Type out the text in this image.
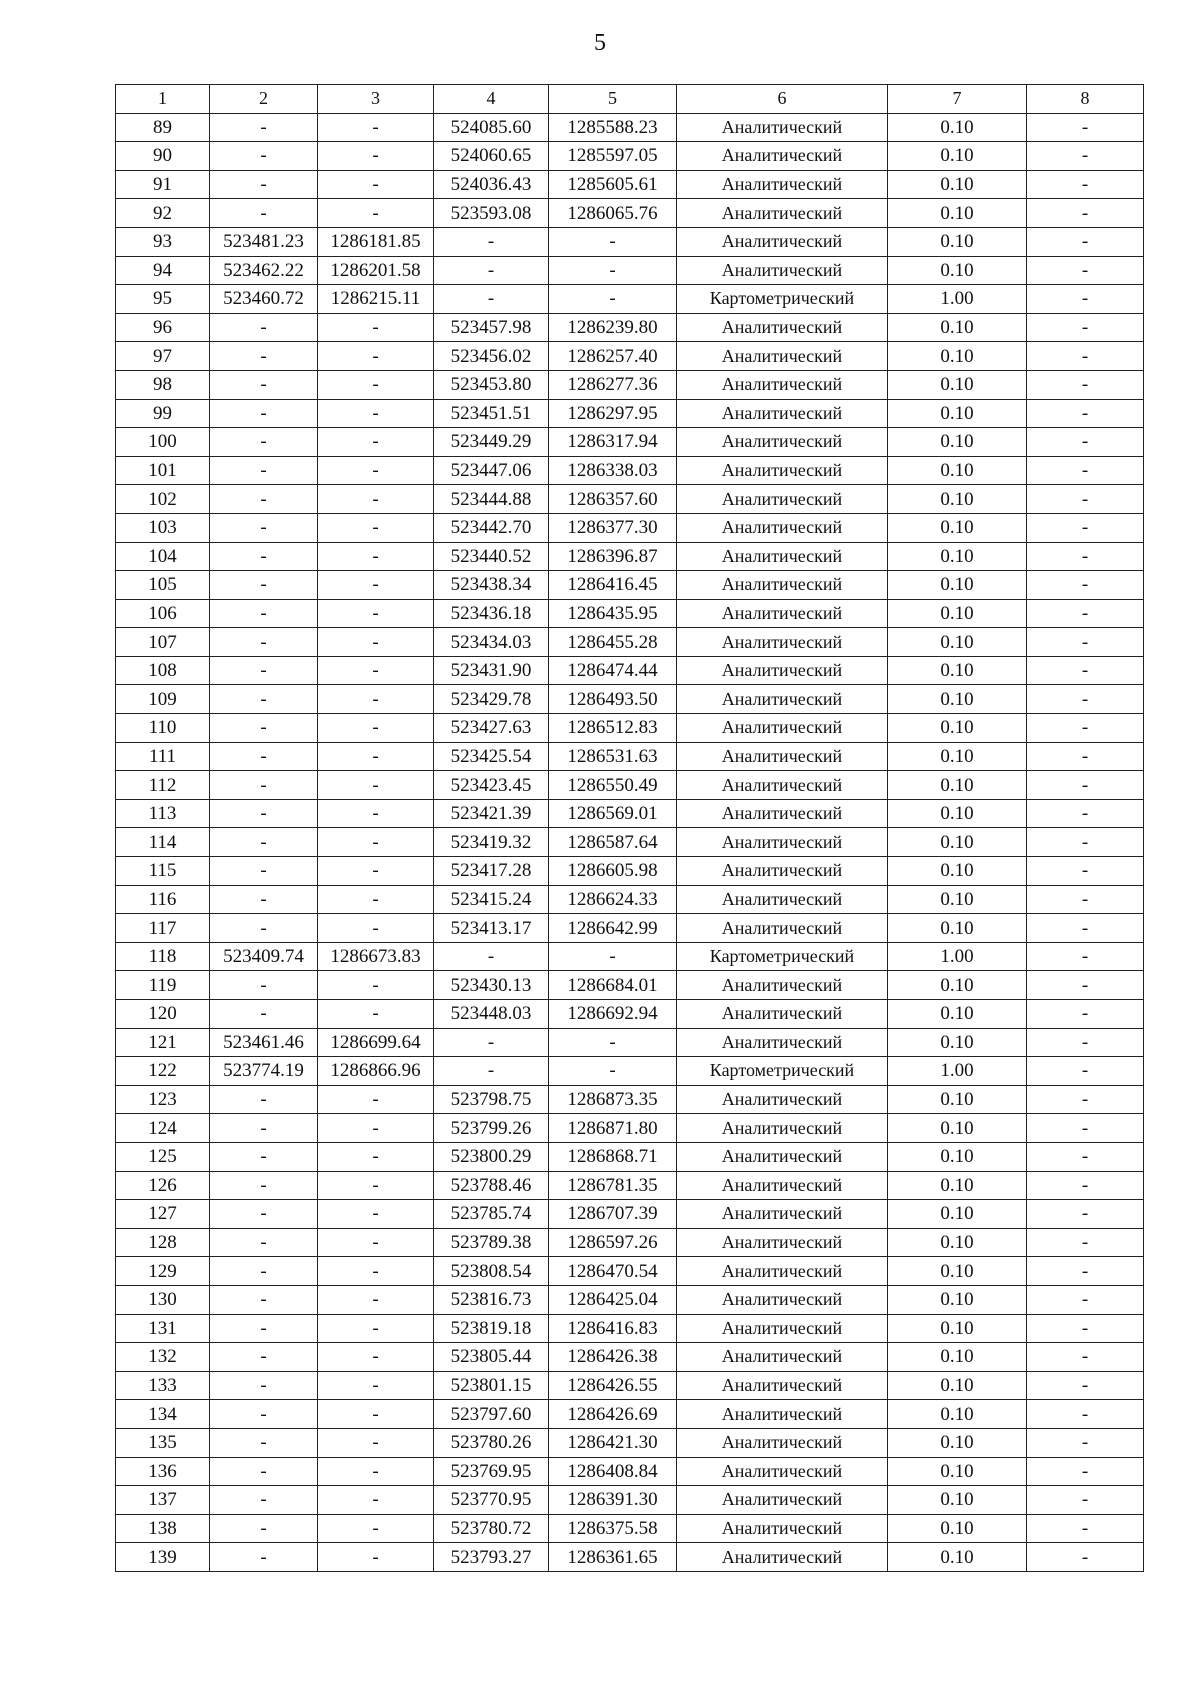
5
1	2	3	4	5	6	7	8
89	-	-	524085.60	1285588.23	Аналитический	0.10	-
90	-	-	524060.65	1285597.05	Аналитический	0.10	-
91	-	-	524036.43	1285605.61	Аналитический	0.10	-
92	-	-	523593.08	1286065.76	Аналитический	0.10	-
93	523481.23	1286181.85	-	-	Аналитический	0.10	-
94	523462.22	1286201.58	-	-	Аналитический	0.10	-
95	523460.72	1286215.11	-	-	Картометрический	1.00	-
96	-	-	523457.98	1286239.80	Аналитический	0.10	-
97	-	-	523456.02	1286257.40	Аналитический	0.10	-
98	-	-	523453.80	1286277.36	Аналитический	0.10	-
99	-	-	523451.51	1286297.95	Аналитический	0.10	-
100	-	-	523449.29	1286317.94	Аналитический	0.10	-
101	-	-	523447.06	1286338.03	Аналитический	0.10	-
102	-	-	523444.88	1286357.60	Аналитический	0.10	-
103	-	-	523442.70	1286377.30	Аналитический	0.10	-
104	-	-	523440.52	1286396.87	Аналитический	0.10	-
105	-	-	523438.34	1286416.45	Аналитический	0.10	-
106	-	-	523436.18	1286435.95	Аналитический	0.10	-
107	-	-	523434.03	1286455.28	Аналитический	0.10	-
108	-	-	523431.90	1286474.44	Аналитический	0.10	-
109	-	-	523429.78	1286493.50	Аналитический	0.10	-
110	-	-	523427.63	1286512.83	Аналитический	0.10	-
111	-	-	523425.54	1286531.63	Аналитический	0.10	-
112	-	-	523423.45	1286550.49	Аналитический	0.10	-
113	-	-	523421.39	1286569.01	Аналитический	0.10	-
114	-	-	523419.32	1286587.64	Аналитический	0.10	-
115	-	-	523417.28	1286605.98	Аналитический	0.10	-
116	-	-	523415.24	1286624.33	Аналитический	0.10	-
117	-	-	523413.17	1286642.99	Аналитический	0.10	-
118	523409.74	1286673.83	-	-	Картометрический	1.00	-
119	-	-	523430.13	1286684.01	Аналитический	0.10	-
120	-	-	523448.03	1286692.94	Аналитический	0.10	-
121	523461.46	1286699.64	-	-	Аналитический	0.10	-
122	523774.19	1286866.96	-	-	Картометрический	1.00	-
123	-	-	523798.75	1286873.35	Аналитический	0.10	-
124	-	-	523799.26	1286871.80	Аналитический	0.10	-
125	-	-	523800.29	1286868.71	Аналитический	0.10	-
126	-	-	523788.46	1286781.35	Аналитический	0.10	-
127	-	-	523785.74	1286707.39	Аналитический	0.10	-
128	-	-	523789.38	1286597.26	Аналитический	0.10	-
129	-	-	523808.54	1286470.54	Аналитический	0.10	-
130	-	-	523816.73	1286425.04	Аналитический	0.10	-
131	-	-	523819.18	1286416.83	Аналитический	0.10	-
132	-	-	523805.44	1286426.38	Аналитический	0.10	-
133	-	-	523801.15	1286426.55	Аналитический	0.10	-
134	-	-	523797.60	1286426.69	Аналитический	0.10	-
135	-	-	523780.26	1286421.30	Аналитический	0.10	-
136	-	-	523769.95	1286408.84	Аналитический	0.10	-
137	-	-	523770.95	1286391.30	Аналитический	0.10	-
138	-	-	523780.72	1286375.58	Аналитический	0.10	-
139	-	-	523793.27	1286361.65	Аналитический	0.10	-
